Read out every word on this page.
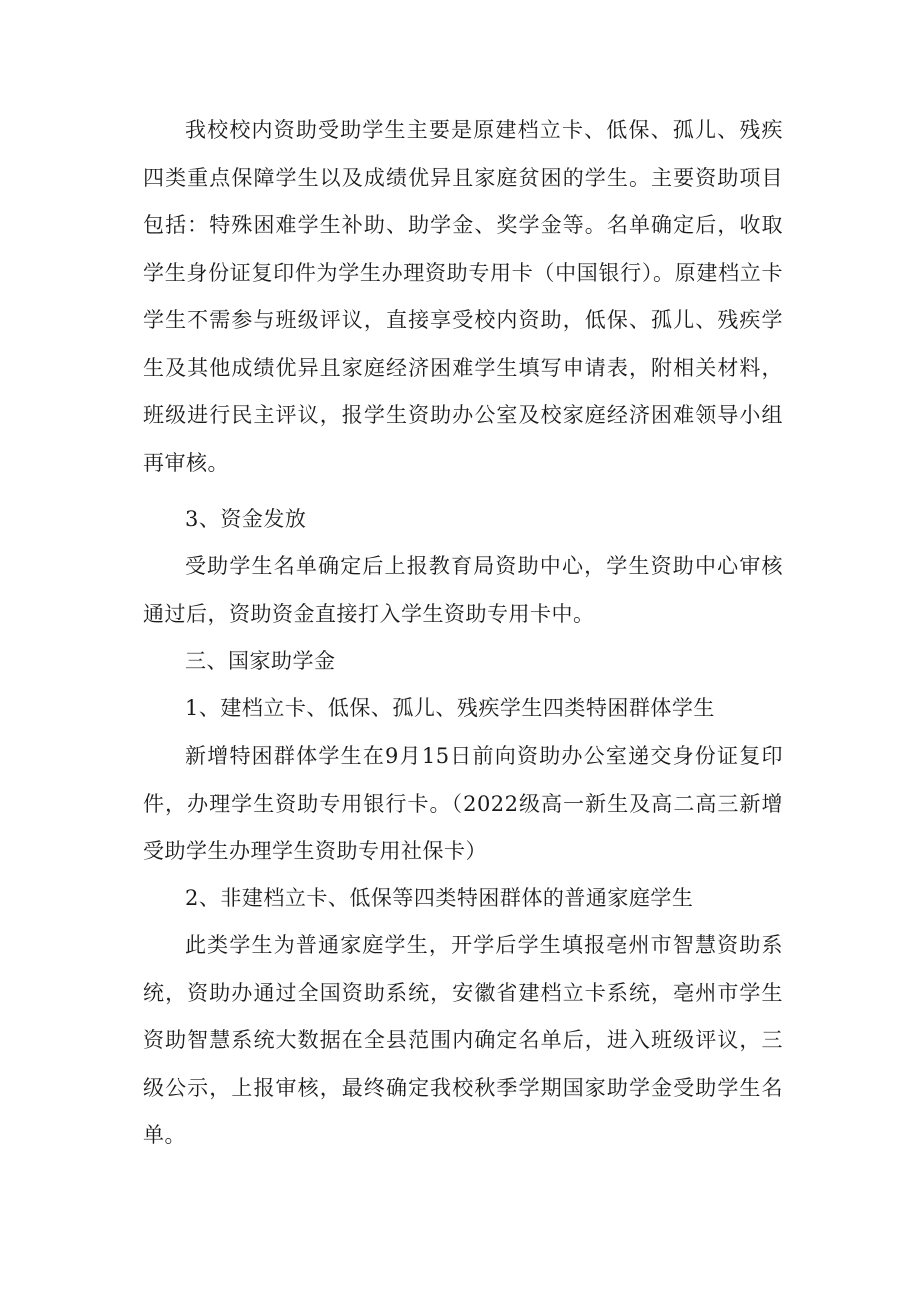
我校校内资助受助学生主要是原建档立卡、低保、孤儿、残疾四类重点保障学生以及成绩优异且家庭贫困的学生。主要资助项目包括：特殊困难学生补助、助学金、奖学金等。名单确定后，收取学生身份证复印件为学生办理资助专用卡（中国银行）。原建档立卡学生不需参与班级评议，直接享受校内资助，低保、孤儿、残疾学生及其他成绩优异且家庭经济困难学生填写申请表，附相关材料，班级进行民主评议，报学生资助办公室及校家庭经济困难领导小组再审核。

3、资金发放

受助学生名单确定后上报教育局资助中心，学生资助中心审核通过后，资助资金直接打入学生资助专用卡中。

三、国家助学金

1、建档立卡、低保、孤儿、残疾学生四类特困群体学生

新增特困群体学生在9月15日前向资助办公室递交身份证复印件，办理学生资助专用银行卡。（2022级高一新生及高二高三新增受助学生办理学生资助专用社保卡）

2、非建档立卡、低保等四类特困群体的普通家庭学生

此类学生为普通家庭学生，开学后学生填报亳州市智慧资助系统，资助办通过全国资助系统，安徽省建档立卡系统，亳州市学生资助智慧系统大数据在全县范围内确定名单后，进入班级评议，三级公示，上报审核，最终确定我校秋季学期国家助学金受助学生名单。
